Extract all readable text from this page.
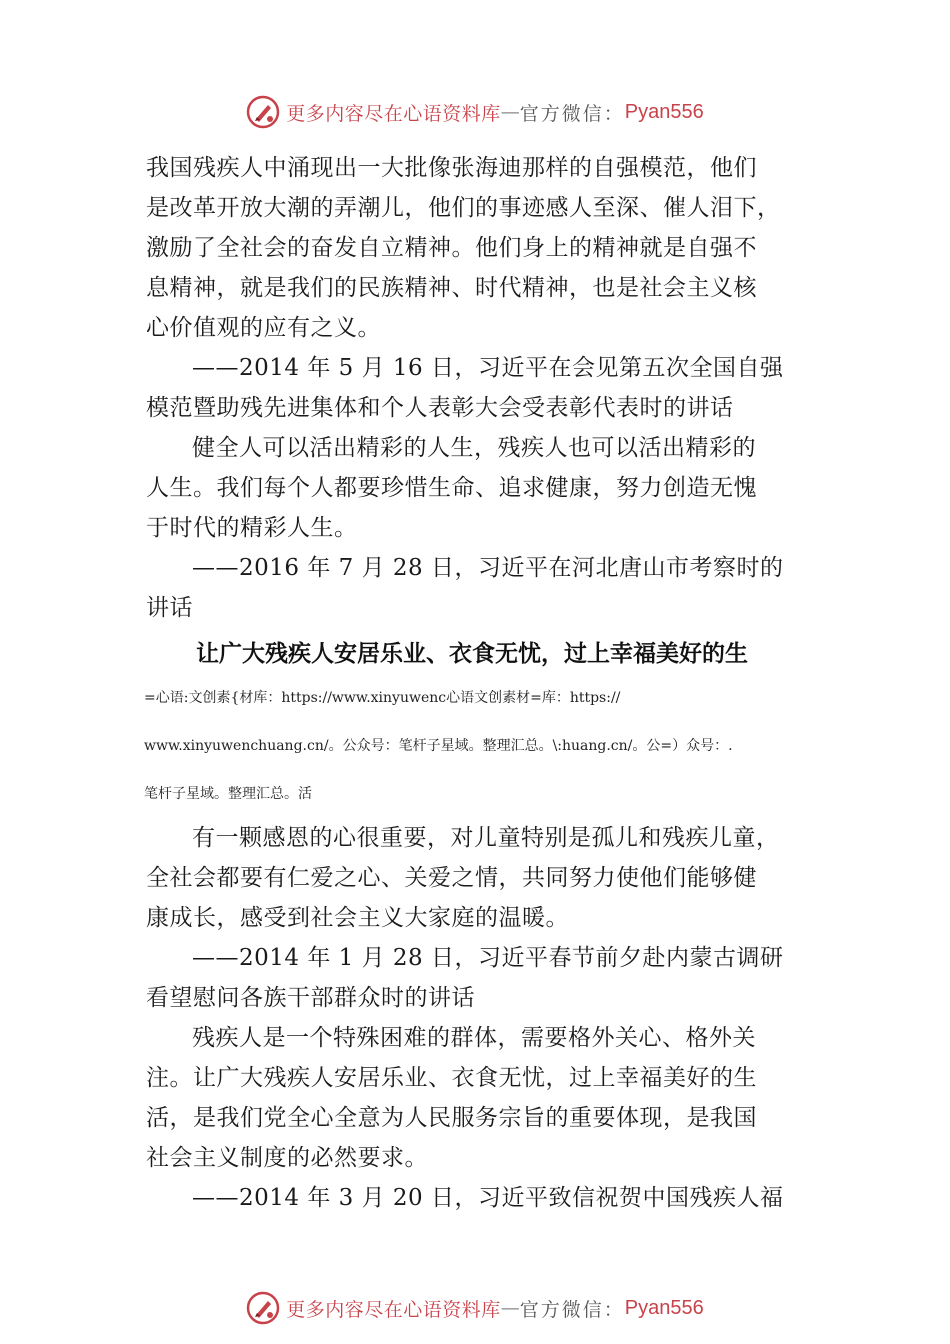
更多内容尽在心语资料库 — 官方微信： Pyan556
我国残疾人中涌现出一大批像张海迪那样的自强模范，他们
是改革开放大潮的弄潮儿，他们的事迹感人至深、催人泪下，
激励了全社会的奋发自立精神。他们身上的精神就是自强不
息精神，就是我们的民族精神、时代精神，也是社会主义核
心价值观的应有之义。
——2014 年 5 月 16 日，习近平在会见第五次全国自强
模范暨助残先进集体和个人表彰大会受表彰代表时的讲话
健全人可以活出精彩的人生，残疾人也可以活出精彩的
人生。我们每个人都要珍惜生命、追求健康，努力创造无愧
于时代的精彩人生。
——2016 年 7 月 28 日，习近平在河北唐山市考察时的
讲话
让广大残疾人安居乐业、衣食无忧，过上幸福美好的生
=心语:文创素{材库：https://www.xinyuwenc心语文创素材=库：https://
www.xinyuwenchuang.cn/。公众号：笔杆子星域。整理汇总。\:huang.cn/。公=）众号：.
笔杆子星域。整理汇总。活
有一颗感恩的心很重要，对儿童特别是孤儿和残疾儿童，
全社会都要有仁爱之心、关爱之情，共同努力使他们能够健
康成长，感受到社会主义大家庭的温暖。
——2014 年 1 月 28 日，习近平春节前夕赴内蒙古调研
看望慰问各族干部群众时的讲话
残疾人是一个特殊困难的群体，需要格外关心、格外关
注。让广大残疾人安居乐业、衣食无忧，过上幸福美好的生
活，是我们党全心全意为人民服务宗旨的重要体现，是我国
社会主义制度的必然要求。
——2014 年 3 月 20 日，习近平致信祝贺中国残疾人福
更多内容尽在心语资料库 — 官方微信： Pyan556
